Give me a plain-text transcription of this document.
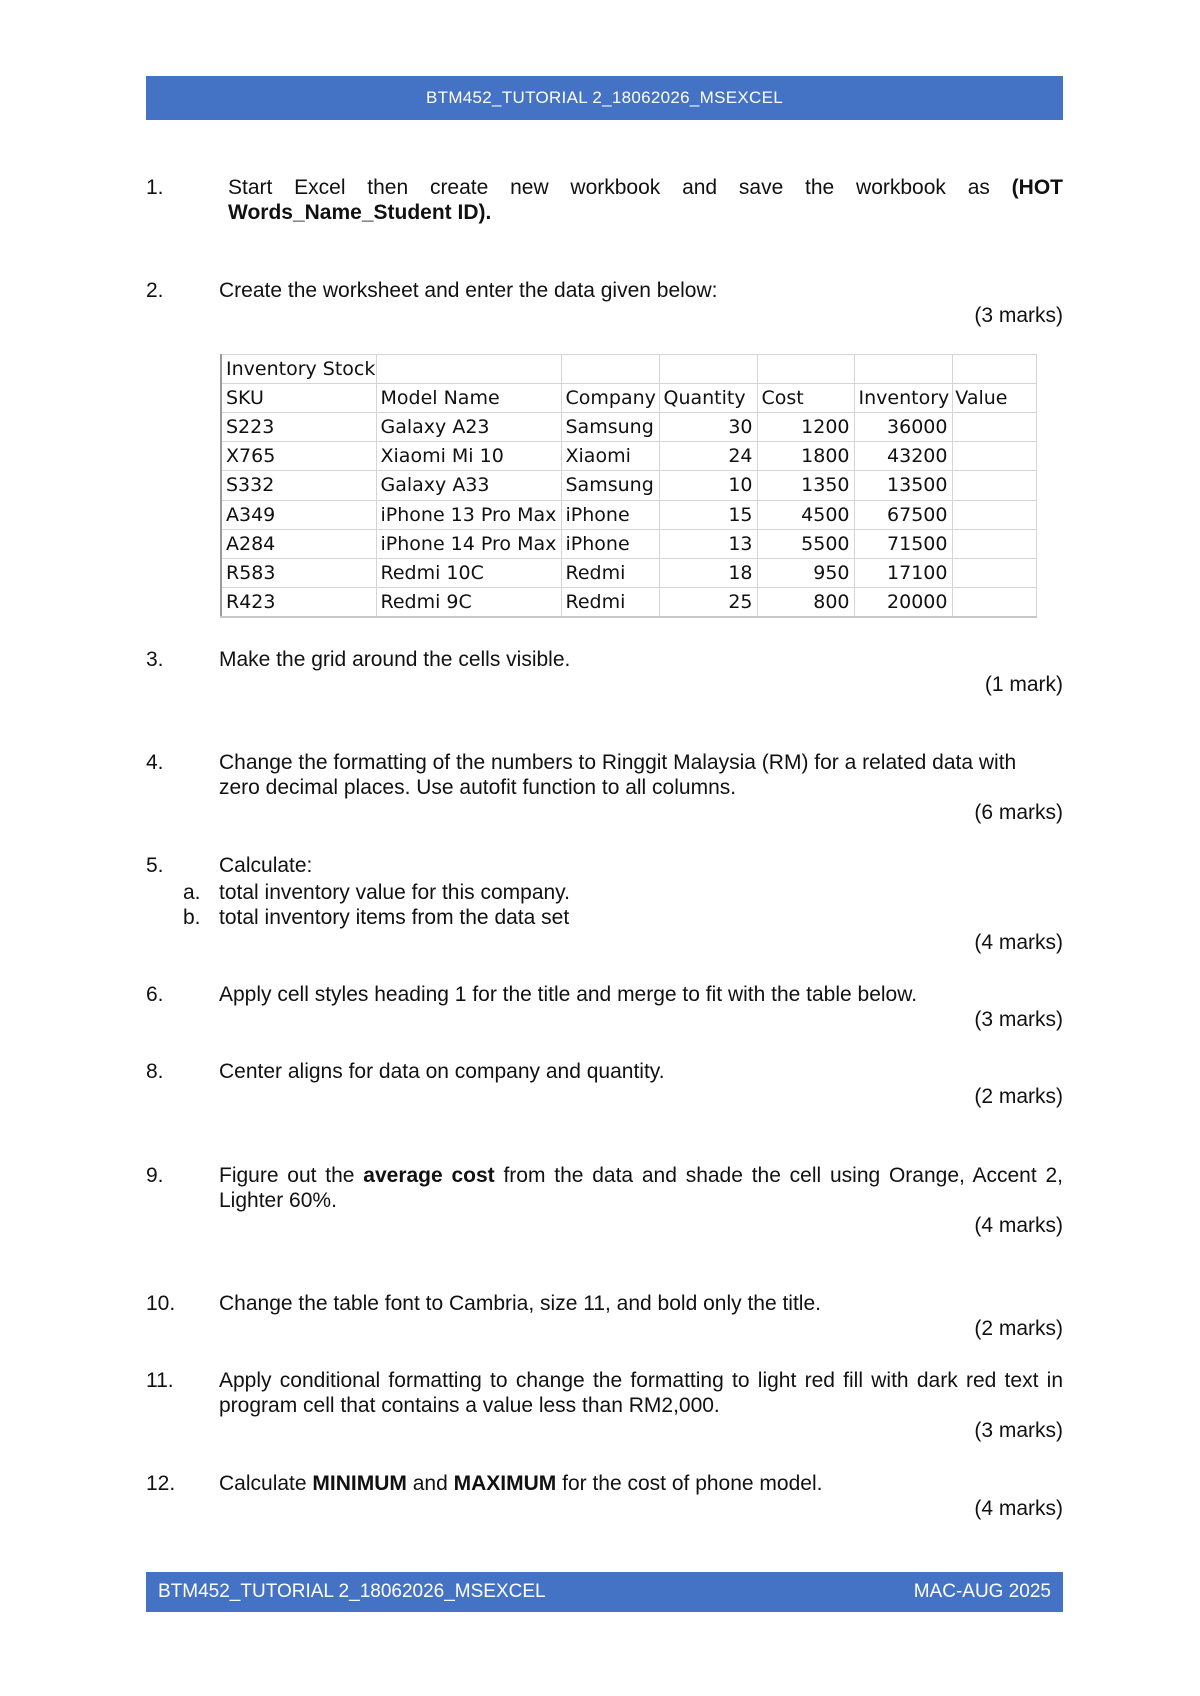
BTM452_TUTORIAL 2_18062026_MSEXCEL
1.	Start Excel then create new workbook and save the workbook as (HOT Words_Name_Student ID).
2.	Create the worksheet and enter the data given below:
(3 marks)
Inventory Stock						
SKU	Model Name	Company	Quantity	Cost	Inventory Value	
S223	Galaxy A23	Samsung	30	1200	36000	
X765	Xiaomi Mi 10	Xiaomi	24	1800	43200	
S332	Galaxy A33	Samsung	10	1350	13500	
A349	iPhone 13 Pro Max	iPhone	15	4500	67500	
A284	iPhone 14 Pro Max	iPhone	13	5500	71500	
R583	Redmi 10C	Redmi	18	950	17100	
R423	Redmi 9C	Redmi	25	800	20000	
3.	Make the grid around the cells visible.
(1 mark)
4.	Change the formatting of the numbers to Ringgit Malaysia (RM) for a related data with zero decimal places. Use autofit function to all columns.
(6 marks)
5.	Calculate:
a. total inventory value for this company.
b. total inventory items from the data set
(4 marks)
6.	Apply cell styles heading 1 for the title and merge to fit with the table below.
(3 marks)
8.	Center aligns for data on company and quantity.
(2 marks)
9.	Figure out the average cost from the data and shade the cell using Orange, Accent 2, Lighter 60%.
(4 marks)
10. Change the table font to Cambria, size 11, and bold only the title.
(2 marks)
11. Apply conditional formatting to change the formatting to light red fill with dark red text in program cell that contains a value less than RM2,000.
(3 marks)
12. Calculate MINIMUM and MAXIMUM for the cost of phone model.
(4 marks)
BTM452_TUTORIAL 2_18062026_MSEXCEL	MAC-AUG 2025
